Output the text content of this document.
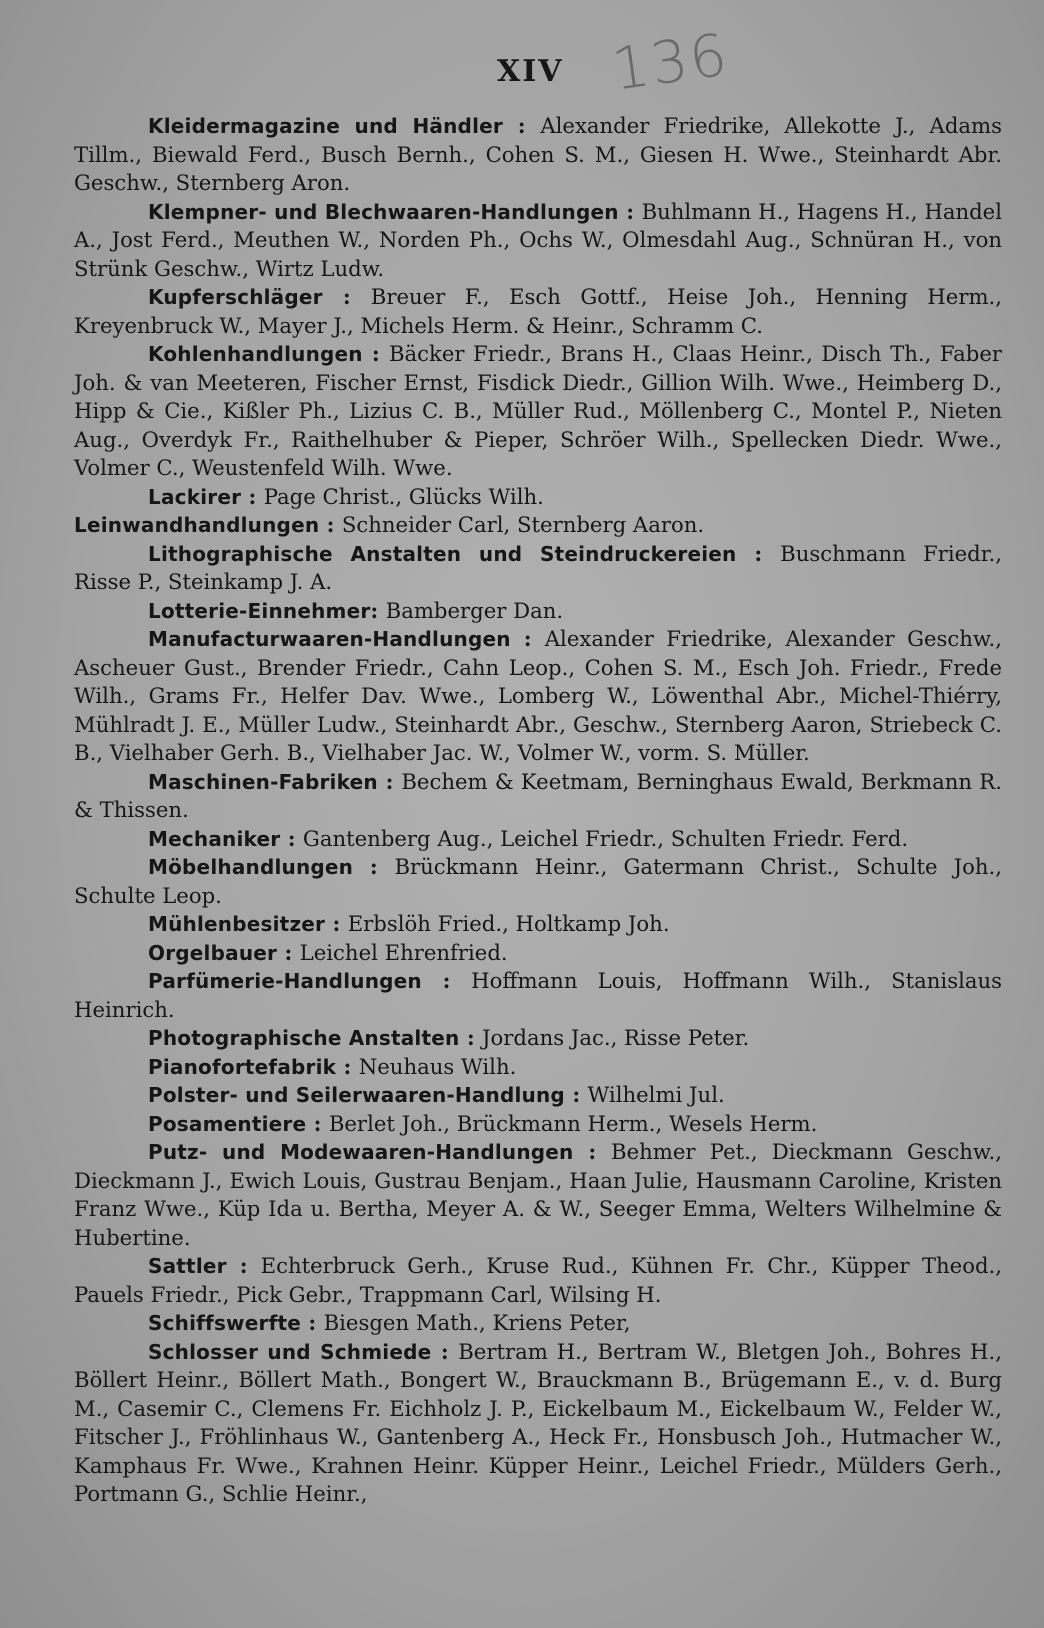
XIV 136

Kleidermagazine und Händler : Alexander Friedrike, Allekotte J., Adams Tillm., Biewald Ferd., Busch Bernh., Cohen S. M., Giesen H. Wwe., Steinhardt Abr. Geschw., Sternberg Aron.

Klempner- und Blechwaaren-Handlungen : Buhlmann H., Hagens H., Handel A., Jost Ferd., Meuthen W., Norden Ph., Ochs W., Olmesdahl Aug., Schnüran H., von Strünk Geschw., Wirtz Ludw.

Kupferschläger : Breuer F., Esch Gottf., Heise Joh., Henning Herm., Kreyenbruck W., Mayer J., Michels Herm. & Heinr., Schramm C.

Kohlenhandlungen : Bäcker Friedr., Brans H., Claas Heinr., Disch Th., Faber Joh. & van Meeteren, Fischer Ernst, Fisdick Diedr., Gillion Wilh. Wwe., Heimberg D., Hipp & Cie., Kißler Ph., Lizius C. B., Müller Rud., Möllenberg C., Montel P., Nieten Aug., Overdyk Fr., Raithelhuber & Pieper, Schröer Wilh., Spellecken Diedr. Wwe., Volmer C., Weustenfeld Wilh. Wwe.

Lackirer : Page Christ., Glücks Wilh.

Leinwandhandlungen : Schneider Carl, Sternberg Aaron.

Lithographische Anstalten und Steindruckereien : Buschmann Friedr., Risse P., Steinkamp J. A.

Lotterie-Einnehmer: Bamberger Dan.

Manufacturwaaren-Handlungen : Alexander Friedrike, Alexander Geschw., Ascheuer Gust., Brender Friedr., Cahn Leop., Cohen S. M., Esch Joh. Friedr., Frede Wilh., Grams Fr., Helfer Dav. Wwe., Lomberg W., Löwenthal Abr., Michel-Thiérry, Mühlradt J. E., Müller Ludw., Steinhardt Abr., Geschw., Sternberg Aaron, Striebeck C. B., Vielhaber Gerh. B., Vielhaber Jac. W., Volmer W., vorm. S. Müller.

Maschinen-Fabriken : Bechem & Keetmam, Berninghaus Ewald, Berkmann R. & Thissen.

Mechaniker : Gantenberg Aug., Leichel Friedr., Schulten Friedr. Ferd.

Möbelhandlungen : Brückmann Heinr., Gatermann Christ., Schulte Joh., Schulte Leop.

Mühlenbesitzer : Erbslöh Fried., Holtkamp Joh.

Orgelbauer : Leichel Ehrenfried.

Parfümerie-Handlungen : Hoffmann Louis, Hoffmann Wilh., Stanislaus Heinrich.

Photographische Anstalten : Jordans Jac., Risse Peter.

Pianofortefabrik : Neuhaus Wilh.

Polster- und Seilerwaaren-Handlung : Wilhelmi Jul.

Posamentiere : Berlet Joh., Brückmann Herm., Wesels Herm.

Putz- und Modewaaren-Handlungen : Behmer Pet., Dieckmann Geschw., Dieckmann J., Ewich Louis, Gustrau Benjam., Haan Julie, Hausmann Caroline, Kristen Franz Wwe., Küp Ida u. Bertha, Meyer A. & W., Seeger Emma, Welters Wilhelmine & Hubertine.

Sattler : Echterbruck Gerh., Kruse Rud., Kühnen Fr. Chr., Küpper Theod., Pauels Friedr., Pick Gebr., Trappmann Carl, Wilsing H.

Schiffswerfte : Biesgen Math., Kriens Peter,

Schlosser und Schmiede : Bertram H., Bertram W., Bletgen Joh., Bohres H., Böllert Heinr., Böllert Math., Bongert W., Brauckmann B., Brügemann E., v. d. Burg M., Casemir C., Clemens Fr. Eichholz J. P., Eickelbaum M., Eickelbaum W., Felder W., Fitscher J., Fröhlinhaus W., Gantenberg A., Heck Fr., Honsbusch Joh., Hutmacher W., Kamphaus Fr. Wwe., Krahnen Heinr. Küpper Heinr., Leichel Friedr., Mülders Gerh., Portmann G., Schlie Heinr.,
